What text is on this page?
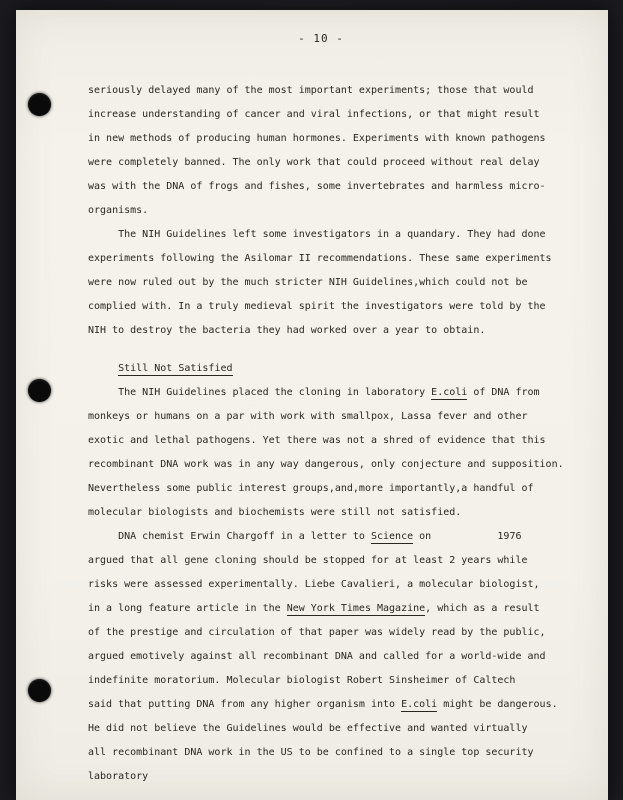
- 10 -
seriously delayed many of the most important experiments; those that would
increase understanding of cancer and viral infections, or that might result
in new methods of producing human hormones. Experiments with known pathogens
were completely banned. The only work that could proceed without real delay
was with the DNA of frogs and fishes, some invertebrates and harmless micro-
organisms.
The NIH Guidelines left some investigators in a quandary. They had done
experiments following the Asilomar II recommendations. These same experiments
were now ruled out by the much stricter NIH Guidelines,which could not be
complied with. In a truly medieval spirit the investigators were told by the
NIH to destroy the bacteria they had worked over a year to obtain.
Still Not Satisfied
The NIH Guidelines placed the cloning in laboratory E.coli of DNA from
monkeys or humans on a par with work with smallpox, Lassa fever and other
exotic and lethal pathogens. Yet there was not a shred of evidence that this
recombinant DNA work was in any way dangerous, only conjecture and supposition.
Nevertheless some public interest groups,and,more importantly,a handful of
molecular biologists and biochemists were still not satisfied.
DNA chemist Erwin Chargoff in a letter to Science on           1976
argued that all gene cloning should be stopped for at least 2 years while
risks were assessed experimentally. Liebe Cavalieri, a molecular biologist,
in a long feature article in the New York Times Magazine, which as a result
of the prestige and circulation of that paper was widely read by the public,
argued emotively against all recombinant DNA and called for a world-wide and
indefinite moratorium. Molecular biologist Robert Sinsheimer of Caltech
said that putting DNA from any higher organism into E.coli might be dangerous.
He did not believe the Guidelines would be effective and wanted virtually
all recombinant DNA work in the US to be confined to a single top security
laboratory
